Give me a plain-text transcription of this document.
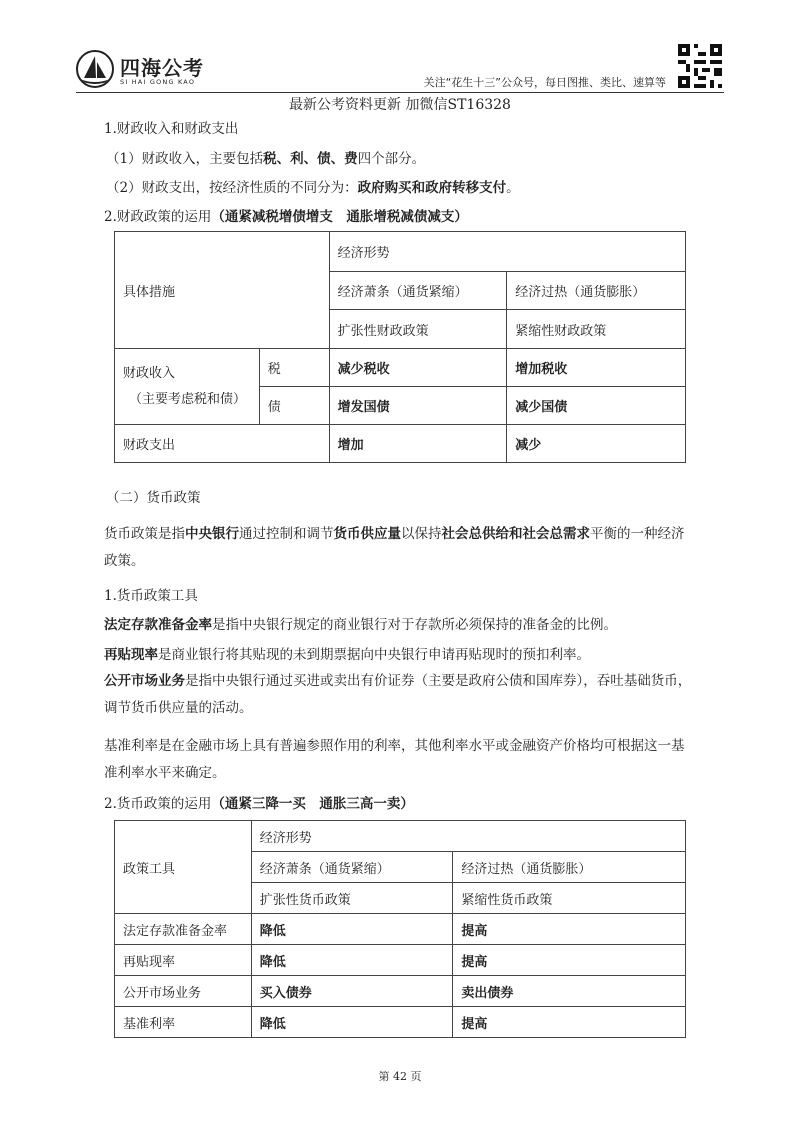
四海公考
SI HAI GONG KAO	关注“花生十三”公众号，每日图推、类比、速算等
最新公考资料更新 加微信ST16328

1.财政收入和财政支出

（1）财政收入，主要包括税、利、债、费四个部分。

（2）财政支出，按经济性质的不同分为：政府购买和政府转移支付。

2.财政政策的运用（通紧减税增债增支　通胀增税减债减支）

具体措施		经济形势	
		经济萧条（通货紧缩）	经济过热（通货膨胀）
		扩张性财政政策	紧缩性财政政策

财政收入
（主要考虑税和债）	税	减少税收	增加税收
	债	增发国债	减少国债
财政支出		增加	减少

（二）货币政策

货币政策是指中央银行通过控制和调节货币供应量以保持社会总供给和社会总需求平衡的一种经济政策。

1.货币政策工具

法定存款准备金率是指中央银行规定的商业银行对于存款所必须保持的准备金的比例。

再贴现率是商业银行将其贴现的未到期票据向中央银行申请再贴现时的预扣利率。

公开市场业务是指中央银行通过买进或卖出有价证券（主要是政府公债和国库券），吞吐基础货币，调节货币供应量的活动。

基准利率是在金融市场上具有普遍参照作用的利率，其他利率水平或金融资产价格均可根据这一基准利率水平来确定。

2.货币政策的运用（通紧三降一买　通胀三高一卖）

政策工具	经济形势	
	经济萧条（通货紧缩）	经济过热（通货膨胀）
	扩张性货币政策	紧缩性货币政策
法定存款准备金率	降低	提高
再贴现率	降低	提高
公开市场业务	买入债券	卖出债券
基准利率	降低	提高
第 42 页
